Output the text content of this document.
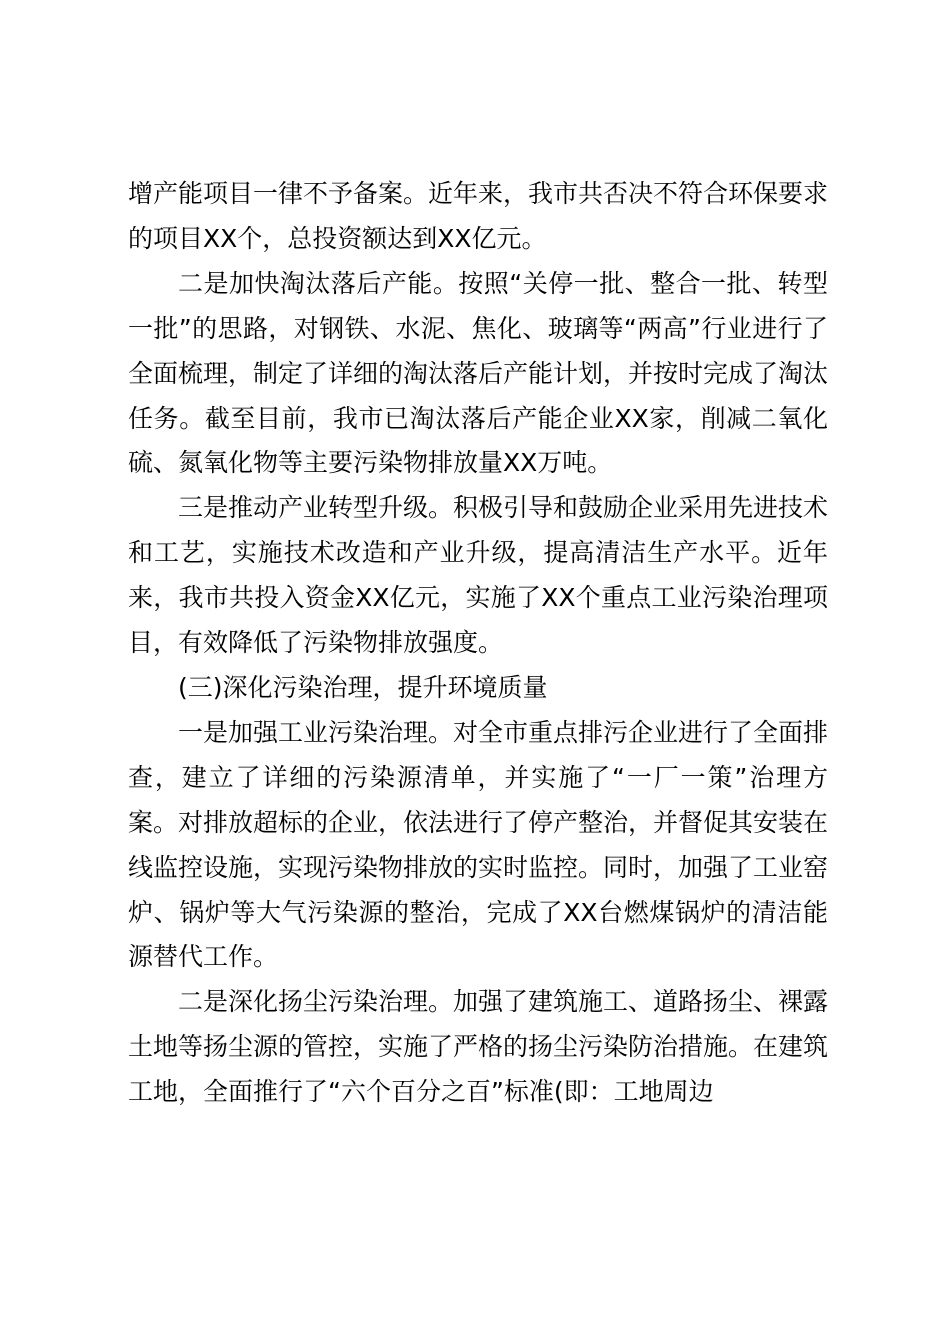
增产能项目一律不予备案。近年来，我市共否决不符合环保要求的项目XX个，总投资额达到XX亿元。

二是加快淘汰落后产能。按照“关停一批、整合一批、转型一批”的思路，对钢铁、水泥、焦化、玻璃等“两高”行业进行了全面梳理，制定了详细的淘汰落后产能计划，并按时完成了淘汰任务。截至目前，我市已淘汰落后产能企业XX家，削减二氧化硫、氮氧化物等主要污染物排放量XX万吨。

三是推动产业转型升级。积极引导和鼓励企业采用先进技术和工艺，实施技术改造和产业升级，提高清洁生产水平。近年来，我市共投入资金XX亿元，实施了XX个重点工业污染治理项目，有效降低了污染物排放强度。

(三)深化污染治理，提升环境质量

一是加强工业污染治理。对全市重点排污企业进行了全面排查，建立了详细的污染源清单，并实施了“一厂一策”治理方案。对排放超标的企业，依法进行了停产整治，并督促其安装在线监控设施，实现污染物排放的实时监控。同时，加强了工业窑炉、锅炉等大气污染源的整治，完成了XX台燃煤锅炉的清洁能源替代工作。

二是深化扬尘污染治理。加强了建筑施工、道路扬尘、裸露土地等扬尘源的管控，实施了严格的扬尘污染防治措施。在建筑工地，全面推行了“六个百分之百”标准(即：工地周边
